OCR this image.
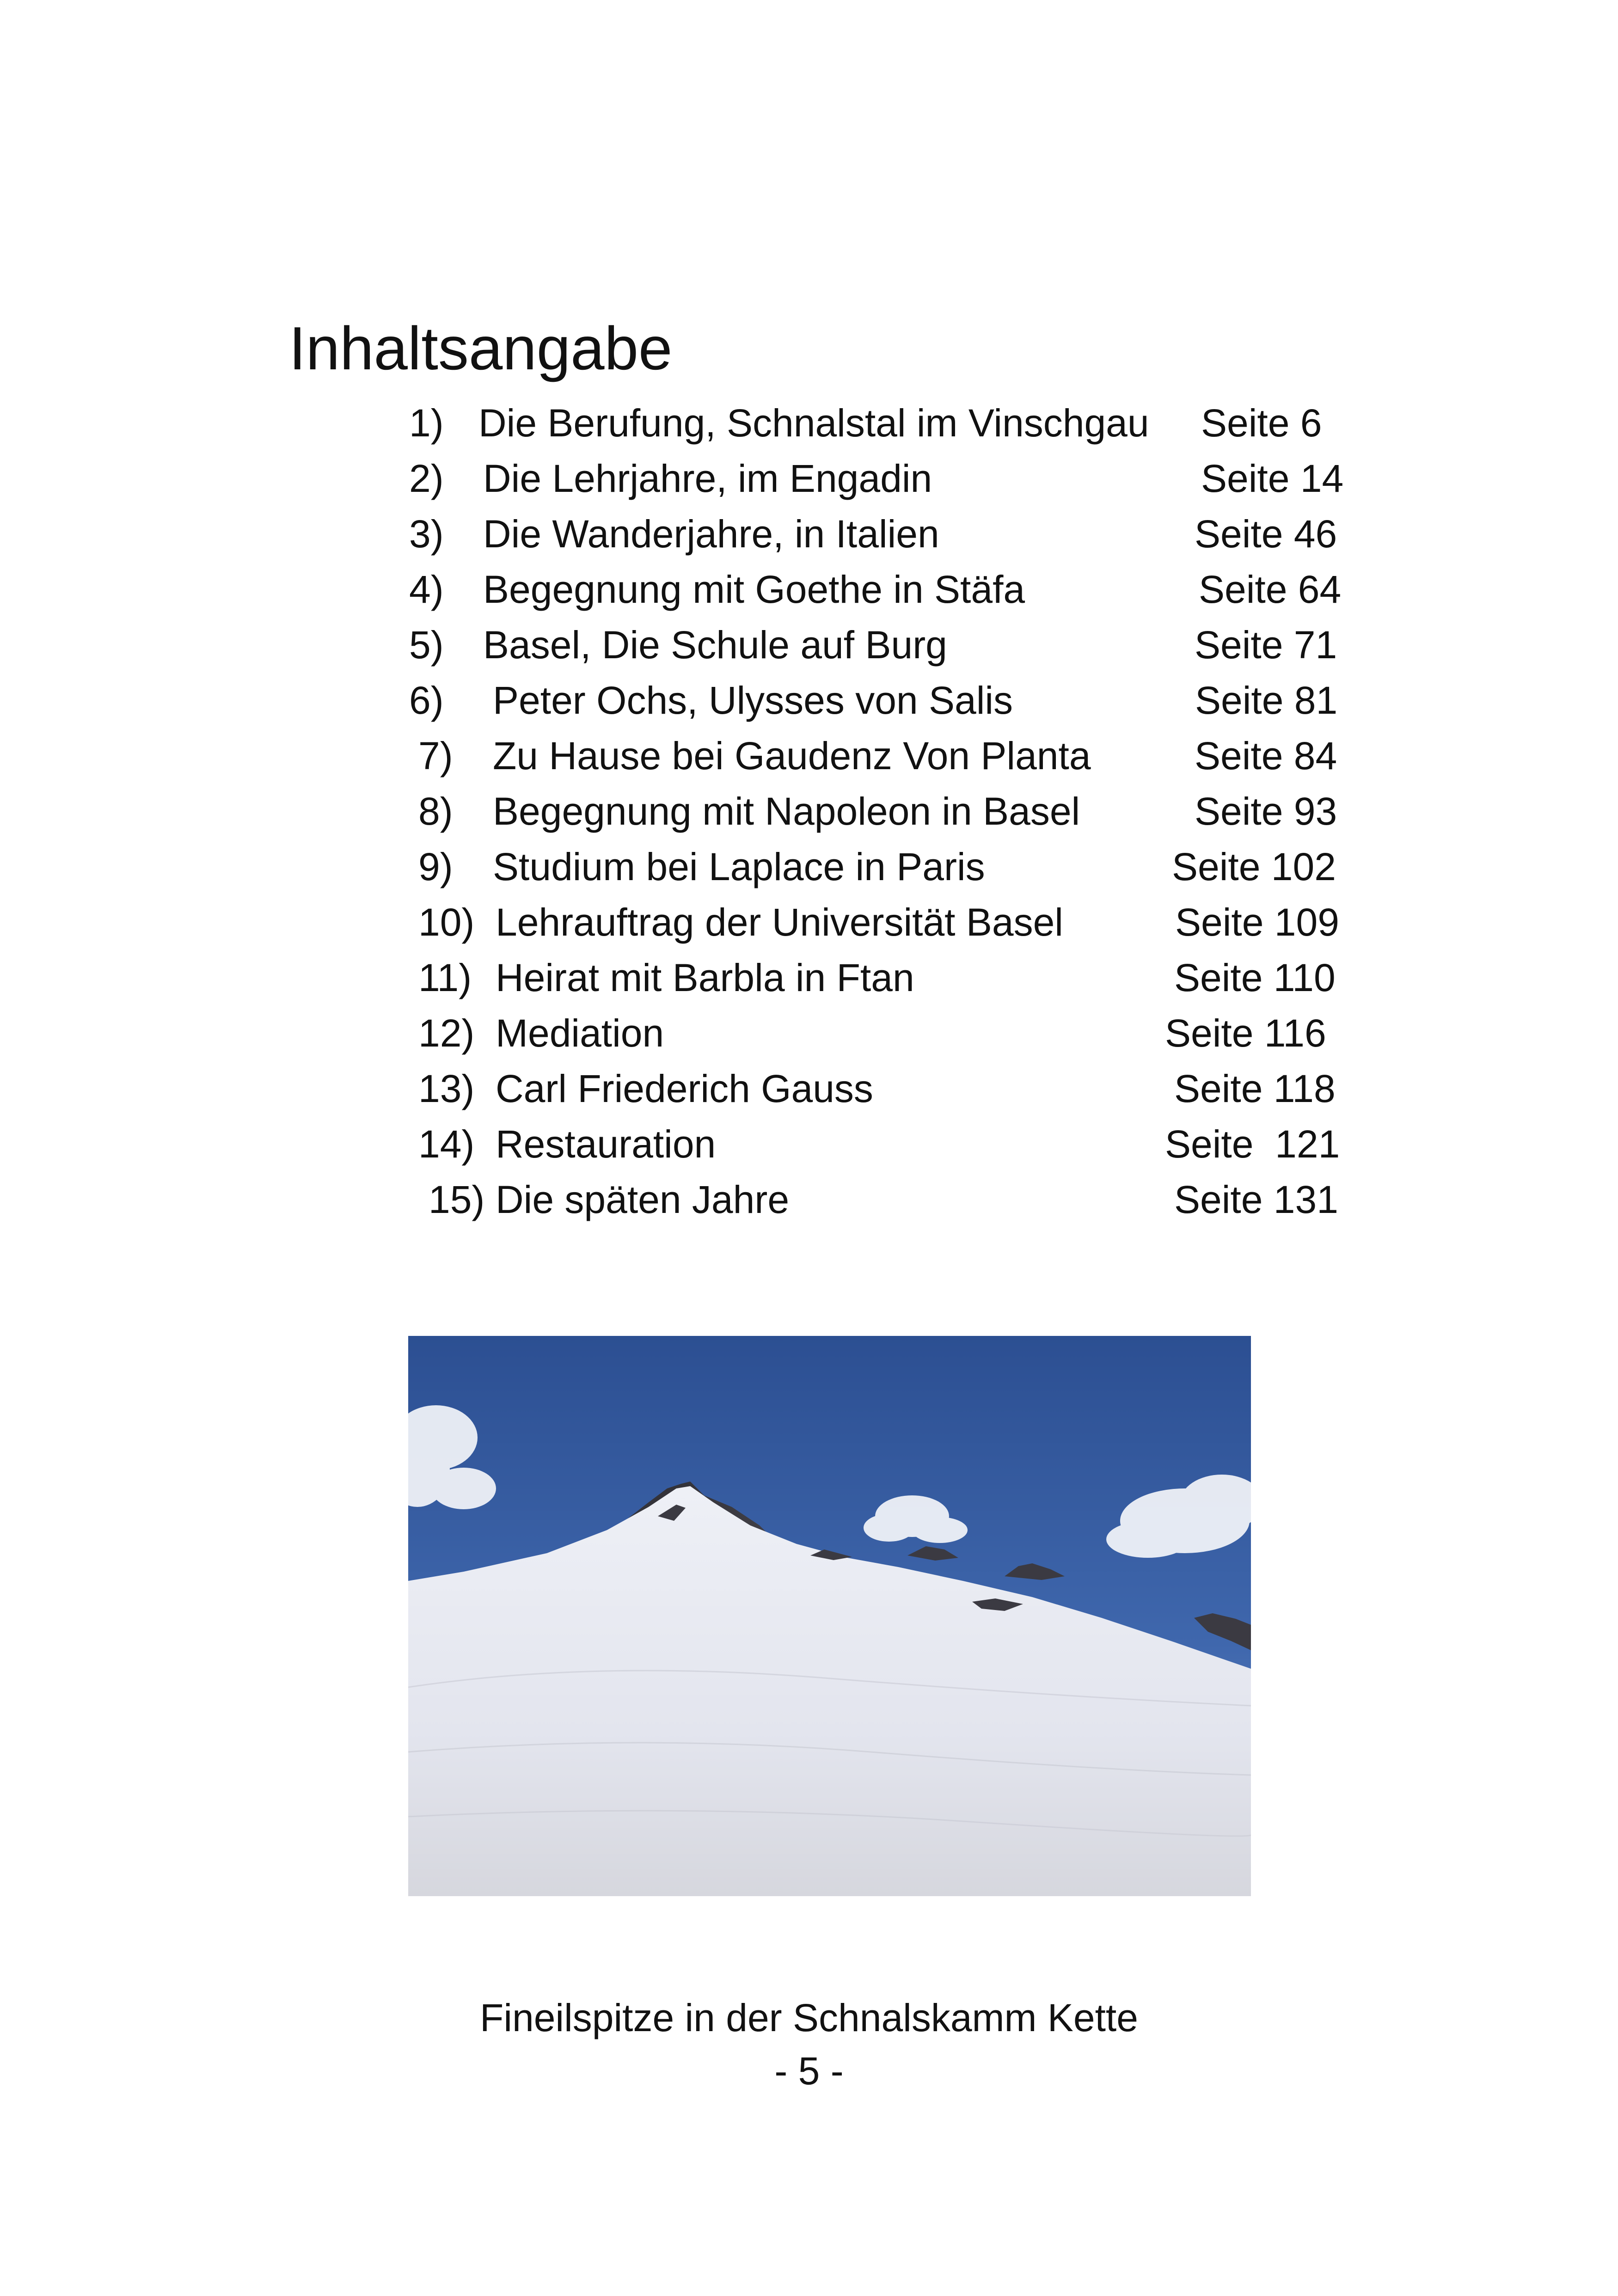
Inhaltsangabe
1) Die Berufung, Schnalstal im Vinschgau Seite 6
2) Die Lehrjahre, im Engadin	Seite 14
3) Die Wanderjahre, in Italien	Seite 46
4) Begegnung mit Goethe in Stäfa	Seite 64
5) Basel, Die Schule auf Burg	Seite 71
6) Peter Ochs, Ulysses von Salis	Seite 81
7) Zu Hause bei Gaudenz Von Planta	Seite 84
8) Begegnung mit Napoleon in Basel	Seite 93
9) Studium bei Laplace in Paris	Seite 102
10) Lehrauftrag der Universität Basel	Seite 109
11) Heirat mit Barbla in Ftan	Seite 110
12) Mediation	Seite 116
13) Carl Friederich Gauss	Seite 118
14) Restauration	Seite  121
15) Die späten Jahre	Seite 131
Fineilspitze in der Schnalskamm Kette
- 5 -
